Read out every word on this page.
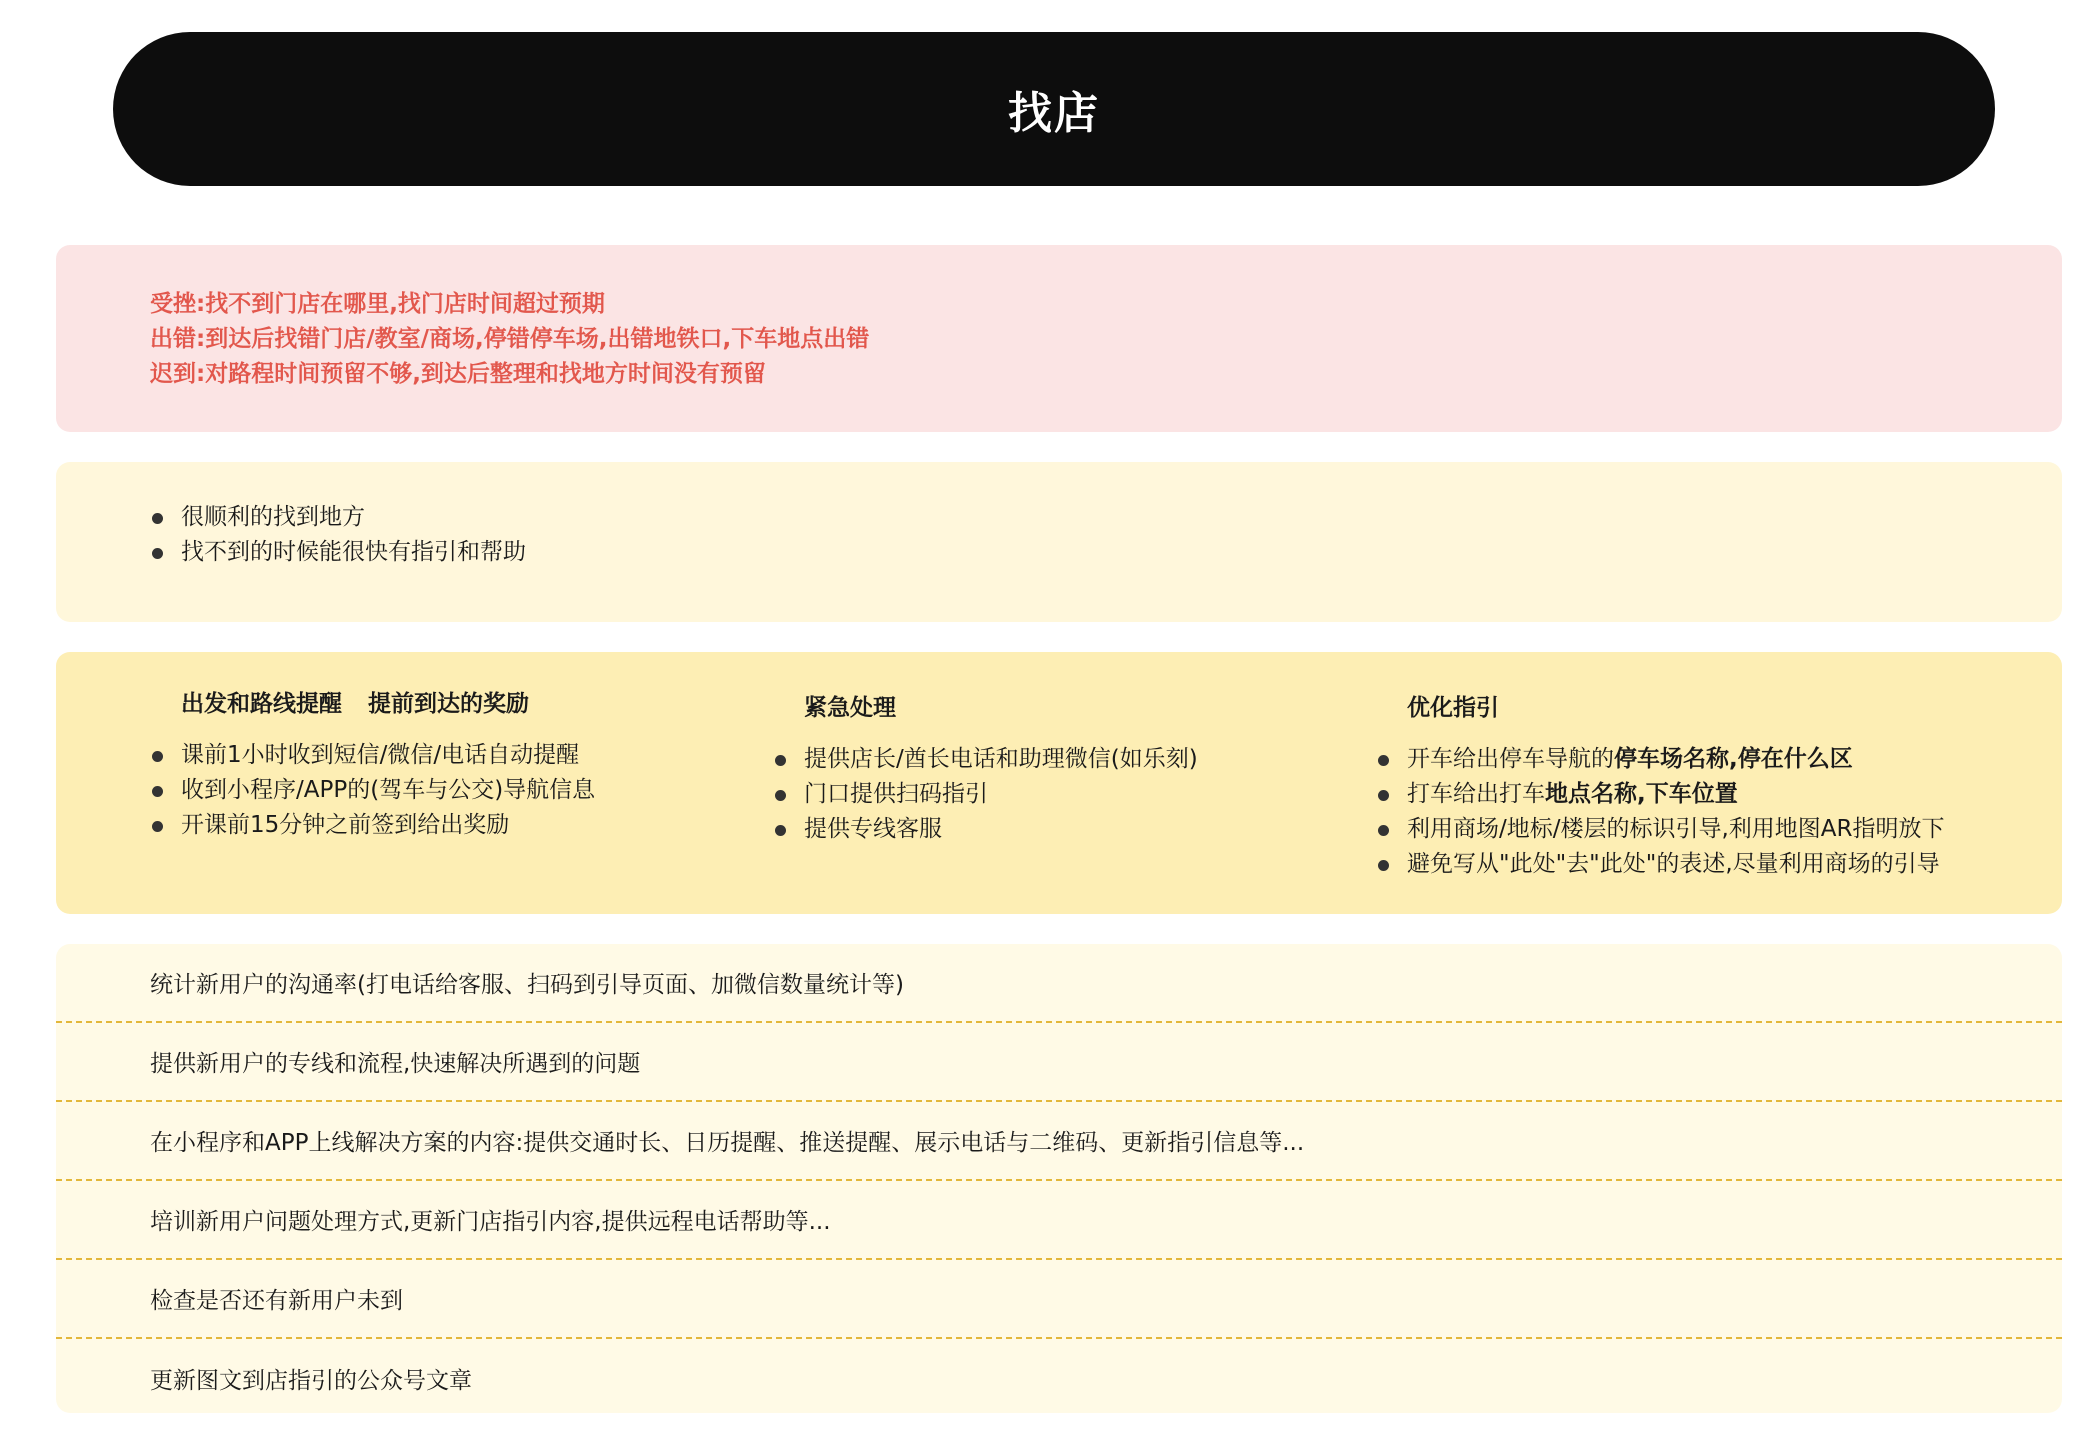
找店
受挫:找不到门店在哪里,找门店时间超过预期
出错:到达后找错门店/教室/商场,停错停车场,出错地铁口,下车地点出错
迟到:对路程时间预留不够,到达后整理和找地方时间没有预留
很顺利的找到地方
找不到的时候能很快有指引和帮助
出发和路线提醒 提前到达的奖励
课前1小时收到短信/微信/电话自动提醒
收到小程序/APP的(驾车与公交)导航信息
开课前15分钟之前签到给出奖励
紧急处理
提供店长/酋长电话和助理微信(如乐刻)
门口提供扫码指引
提供专线客服
优化指引
开车给出停车导航的停车场名称,停在什么区
打车给出打车地点名称,下车位置
利用商场/地标/楼层的标识引导,利用地图AR指明放下
避免写从"此处"去"此处"的表述,尽量利用商场的引导
统计新用户的沟通率(打电话给客服、扫码到引导页面、加微信数量统计等)
提供新用户的专线和流程,快速解决所遇到的问题
在小程序和APP上线解决方案的内容:提供交通时长、日历提醒、推送提醒、展示电话与二维码、更新指引信息等...
培训新用户问题处理方式,更新门店指引内容,提供远程电话帮助等...
检查是否还有新用户未到
更新图文到店指引的公众号文章
